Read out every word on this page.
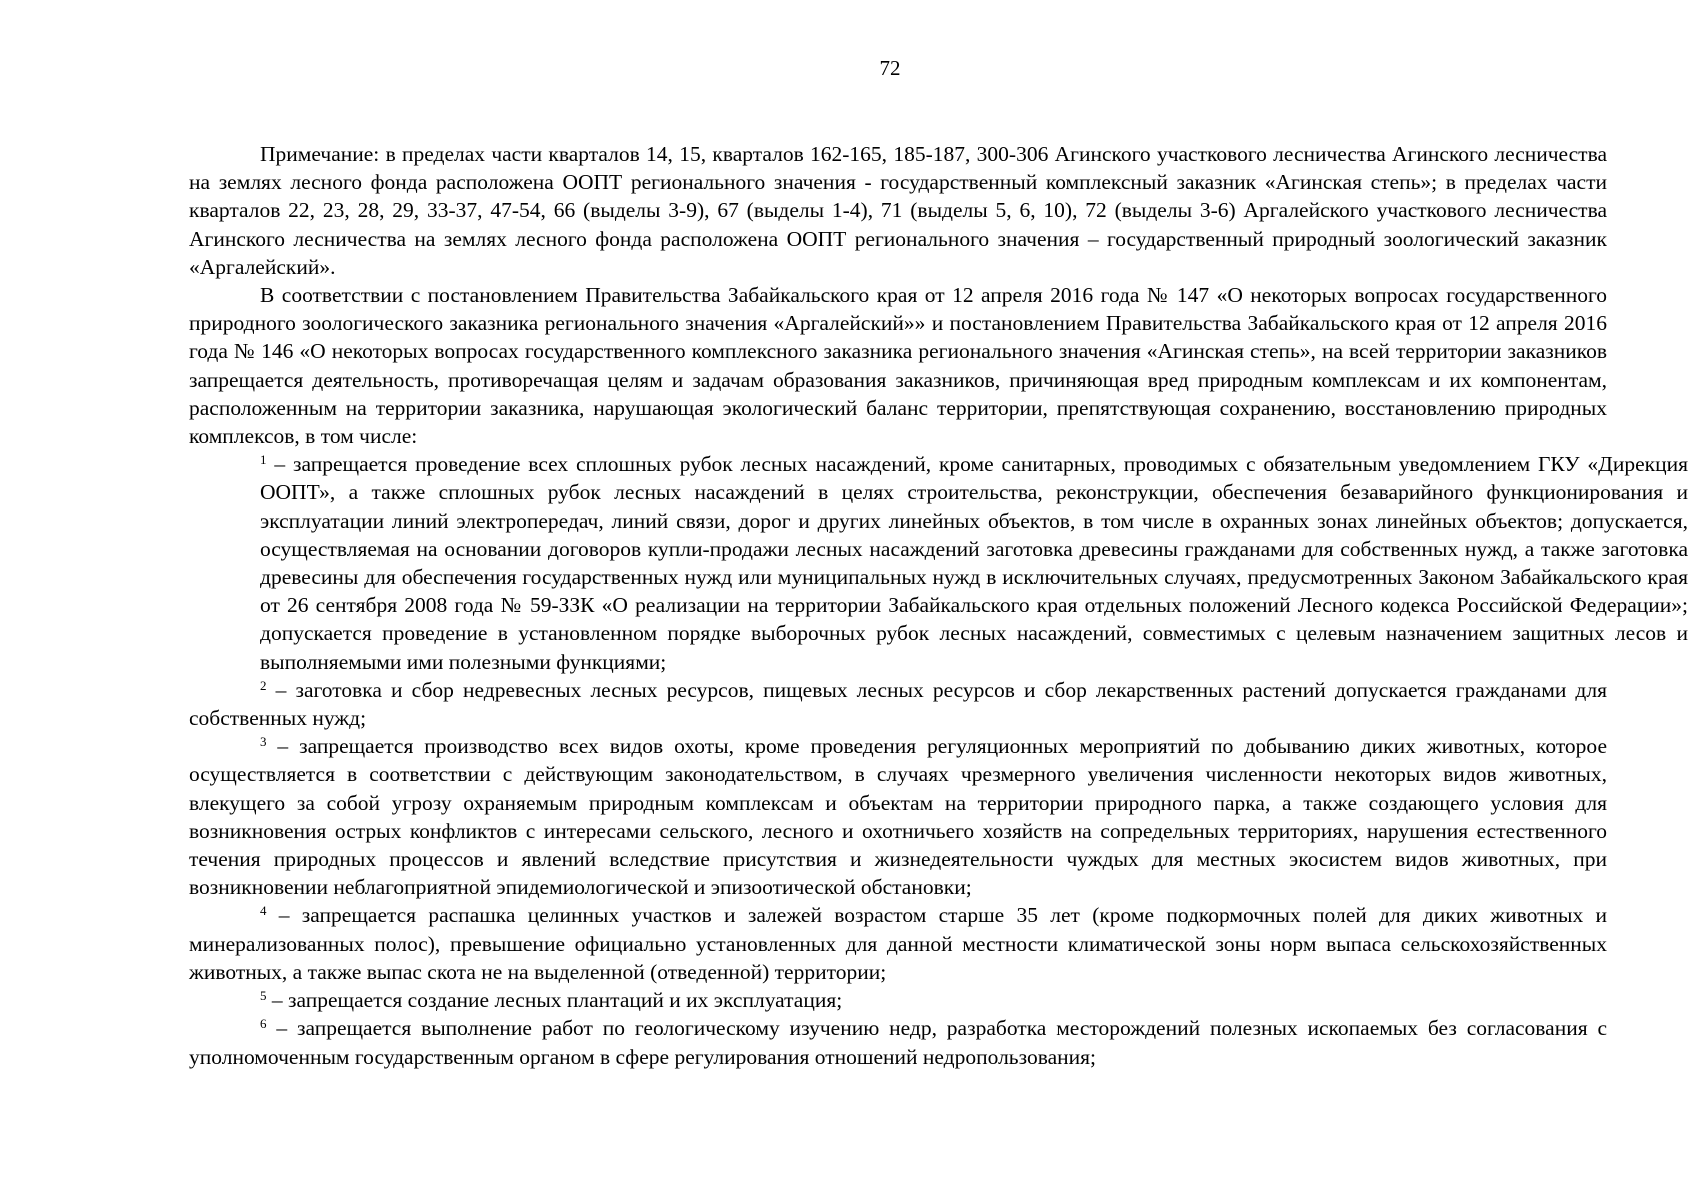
72

Примечание: в пределах части кварталов 14, 15, кварталов 162-165, 185-187, 300-306 Агинского участкового лесничества Агинского лесничества на землях лесного фонда расположена ООПТ регионального значения - государственный комплексный заказник «Агинская степь»; в пределах части кварталов 22, 23, 28, 29, 33-37, 47-54, 66 (выделы 3-9), 67 (выделы 1-4), 71 (выделы 5, 6, 10), 72 (выделы 3-6) Аргалейского участкового лесничества Агинского лесничества на землях лесного фонда расположена ООПТ регионального значения – государственный природный зоологический заказник «Аргалейский».

В соответствии с постановлением Правительства Забайкальского края от 12 апреля 2016 года № 147 «О некоторых вопросах государственного природного зоологического заказника регионального значения «Аргалейский»» и постановлением Правительства Забайкальского края от 12 апреля 2016 года № 146 «О некоторых вопросах государственного комплексного заказника регионального значения «Агинская степь», на всей территории заказников запрещается деятельность, противоречащая целям и задачам образования заказников, причиняющая вред природным комплексам и их компонентам, расположенным на территории заказника, нарушающая экологический баланс территории, препятствующая сохранению, восстановлению природных комплексов, в том числе:

$^1$ – запрещается проведение всех сплошных рубок лесных насаждений, кроме санитарных, проводимых с обязательным уведомлением ГКУ «Дирекция ООПТ», а также сплошных рубок лесных насаждений в целях строительства, реконструкции, обеспечения безаварийного функционирования и эксплуатации линий электропередач, линий связи, дорог и других линейных объектов, в том числе в охранных зонах линейных объектов; допускается, осуществляемая на основании договоров купли-продажи лесных насаждений заготовка древесины гражданами для собственных нужд, а также заготовка древесины для обеспечения государственных нужд или муниципальных нужд в исключительных случаях, предусмотренных Законом Забайкальского края от 26 сентября 2008 года № 59-ЗЗК «О реализации на территории Забайкальского края отдельных положений Лесного кодекса Российской Федерации»; допускается проведение в установленном порядке выборочных рубок лесных насаждений, совместимых с целевым назначением защитных лесов и выполняемыми ими полезными функциями;

$^2$ – заготовка и сбор недревесных лесных ресурсов, пищевых лесных ресурсов и сбор лекарственных растений допускается гражданами для собственных нужд;

$^3$ – запрещается производство всех видов охоты, кроме проведения регуляционных мероприятий по добыванию диких животных, которое осуществляется в соответствии с действующим законодательством, в случаях чрезмерного увеличения численности некоторых видов животных, влекущего за собой угрозу охраняемым природным комплексам и объектам на территории природного парка, а также создающего условия для возникновения острых конфликтов с интересами сельского, лесного и охотничьего хозяйств на сопредельных территориях, нарушения естественного течения природных процессов и явлений вследствие присутствия и жизнедеятельности чуждых для местных экосистем видов животных, при возникновении неблагоприятной эпидемиологической и эпизоотической обстановки;

$^4$ – запрещается распашка целинных участков и залежей возрастом старше 35 лет (кроме подкормочных полей для диких животных и минерализованных полос), превышение официально установленных для данной местности климатической зоны норм выпаса сельскохозяйственных животных, а также выпас скота не на выделенной (отведенной) территории;

$^5$ – запрещается создание лесных плантаций и их эксплуатация;

$^6$ – запрещается выполнение работ по геологическому изучению недр, разработка месторождений полезных ископаемых без согласования с уполномоченным государственным органом в сфере регулирования отношений недропользования;
